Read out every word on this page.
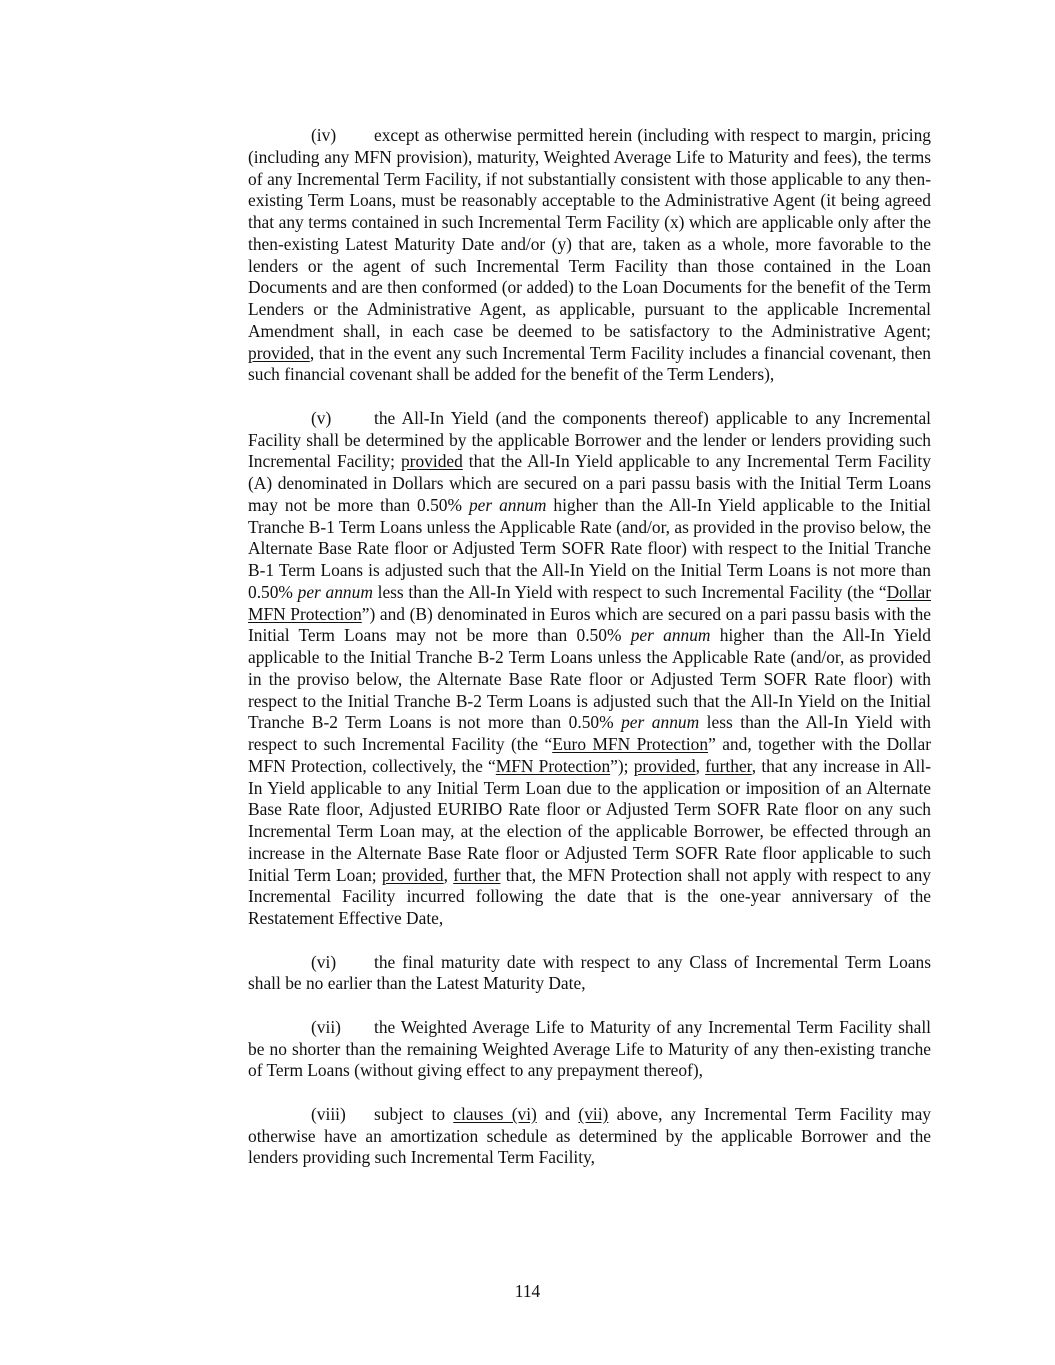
(iv) except as otherwise permitted herein (including with respect to margin, pricing (including any MFN provision), maturity, Weighted Average Life to Maturity and fees), the terms of any Incremental Term Facility, if not substantially consistent with those applicable to any then-existing Term Loans, must be reasonably acceptable to the Administrative Agent (it being agreed that any terms contained in such Incremental Term Facility (x) which are applicable only after the then-existing Latest Maturity Date and/or (y) that are, taken as a whole, more favorable to the lenders or the agent of such Incremental Term Facility than those contained in the Loan Documents and are then conformed (or added) to the Loan Documents for the benefit of the Term Lenders or the Administrative Agent, as applicable, pursuant to the applicable Incremental Amendment shall, in each case be deemed to be satisfactory to the Administrative Agent; provided, that in the event any such Incremental Term Facility includes a financial covenant, then such financial covenant shall be added for the benefit of the Term Lenders),

(v) the All-In Yield (and the components thereof) applicable to any Incremental Facility shall be determined by the applicable Borrower and the lender or lenders providing such Incremental Facility; provided that the All-In Yield applicable to any Incremental Term Facility (A) denominated in Dollars which are secured on a pari passu basis with the Initial Term Loans may not be more than 0.50% per annum higher than the All-In Yield applicable to the Initial Tranche B-1 Term Loans unless the Applicable Rate (and/or, as provided in the proviso below, the Alternate Base Rate floor or Adjusted Term SOFR Rate floor) with respect to the Initial Tranche B-1 Term Loans is adjusted such that the All-In Yield on the Initial Term Loans is not more than 0.50% per annum less than the All-In Yield with respect to such Incremental Facility (the “Dollar MFN Protection”) and (B) denominated in Euros which are secured on a pari passu basis with the Initial Term Loans may not be more than 0.50% per annum higher than the All-In Yield applicable to the Initial Tranche B-2 Term Loans unless the Applicable Rate (and/or, as provided in the proviso below, the Alternate Base Rate floor or Adjusted Term SOFR Rate floor) with respect to the Initial Tranche B-2 Term Loans is adjusted such that the All-In Yield on the Initial Tranche B-2 Term Loans is not more than 0.50% per annum less than the All-In Yield with respect to such Incremental Facility (the “Euro MFN Protection” and, together with the Dollar MFN Protection, collectively, the “MFN Protection”); provided, further, that any increase in All-In Yield applicable to any Initial Term Loan due to the application or imposition of an Alternate Base Rate floor, Adjusted EURIBO Rate floor or Adjusted Term SOFR Rate floor on any such Incremental Term Loan may, at the election of the applicable Borrower, be effected through an increase in the Alternate Base Rate floor or Adjusted Term SOFR Rate floor applicable to such Initial Term Loan; provided, further that, the MFN Protection shall not apply with respect to any Incremental Facility incurred following the date that is the one-year anniversary of the Restatement Effective Date,

(vi) the final maturity date with respect to any Class of Incremental Term Loans shall be no earlier than the Latest Maturity Date,

(vii) the Weighted Average Life to Maturity of any Incremental Term Facility shall be no shorter than the remaining Weighted Average Life to Maturity of any then-existing tranche of Term Loans (without giving effect to any prepayment thereof),

(viii) subject to clauses (vi) and (vii) above, any Incremental Term Facility may otherwise have an amortization schedule as determined by the applicable Borrower and the lenders providing such Incremental Term Facility,

114
